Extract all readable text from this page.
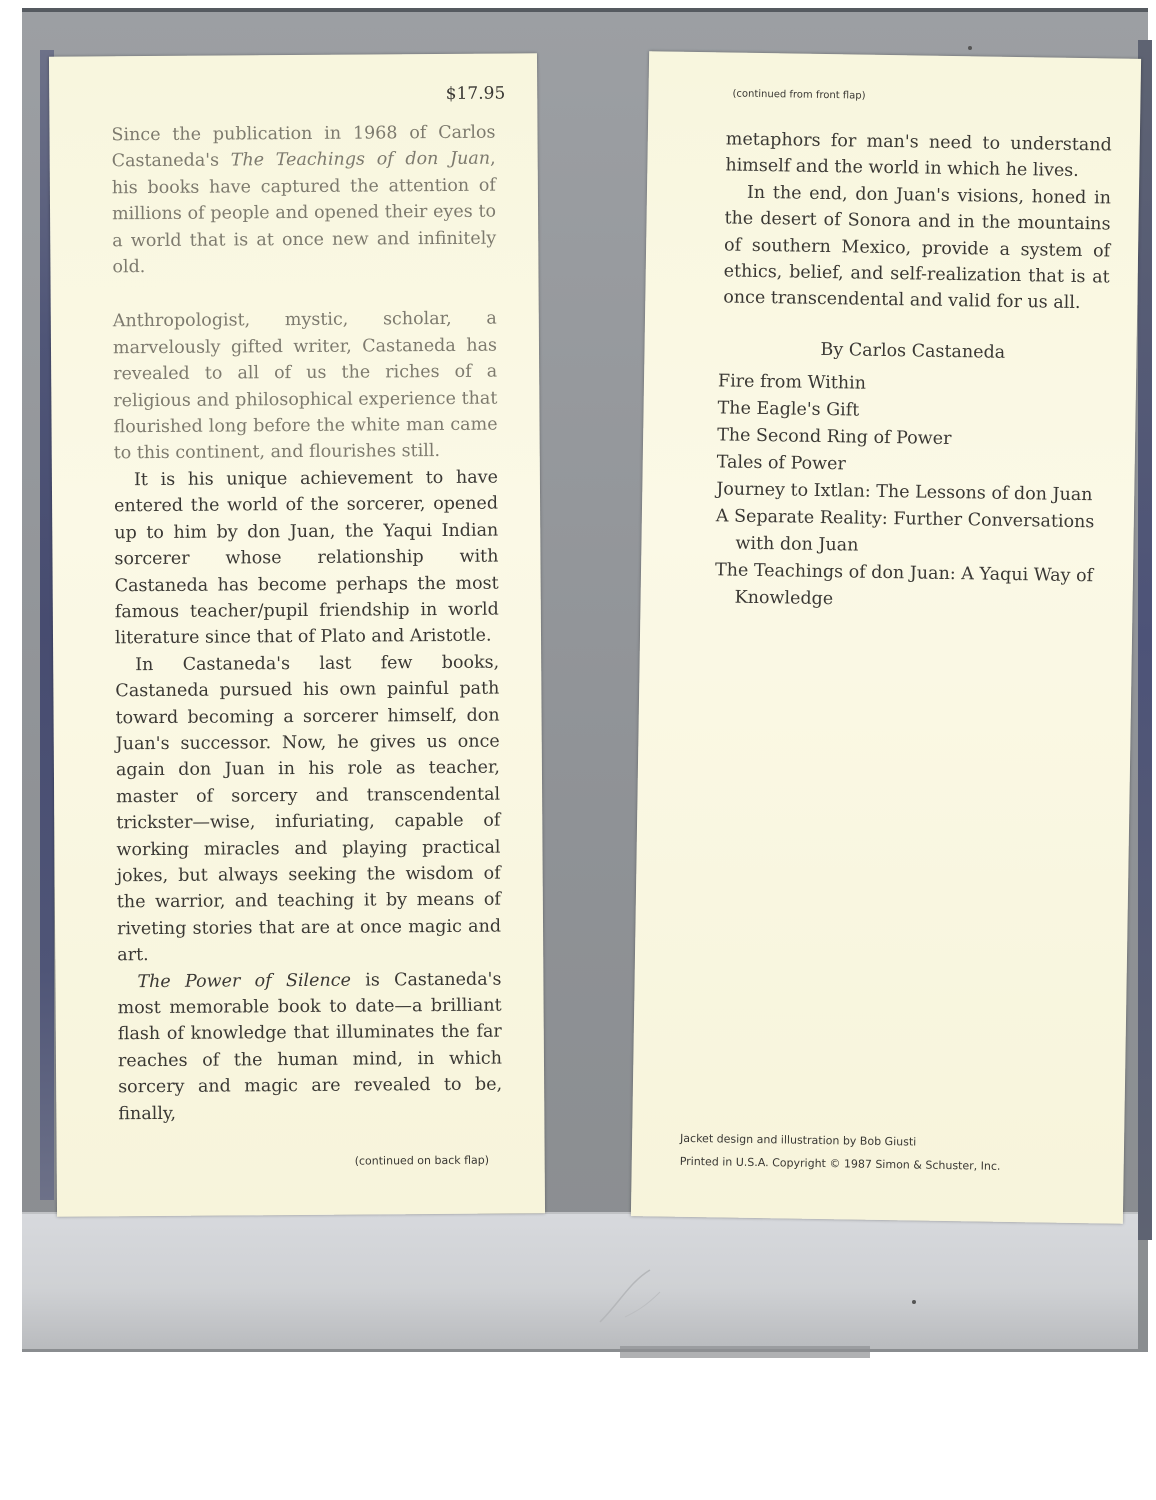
$17.95

Since the publication in 1968 of Carlos Castaneda's The Teachings of don Juan, his books have captured the attention of millions of people and opened their eyes to a world that is at once new and infinitely old.

Anthropologist, mystic, scholar, a marvelously gifted writer, Castaneda has revealed to all of us the riches of a religious and philosophical experience that flourished long before the white man came to this continent, and flourishes still.

It is his unique achievement to have entered the world of the sorcerer, opened up to him by don Juan, the Yaqui Indian sorcerer whose relationship with Castaneda has become perhaps the most famous teacher/pupil friendship in world literature since that of Plato and Aristotle.

In Castaneda's last few books, Castaneda pursued his own painful path toward becoming a sorcerer himself, don Juan's successor. Now, he gives us once again don Juan in his role as teacher, master of sorcery and transcendental trickster—wise, infuriating, capable of working miracles and playing practical jokes, but always seeking the wisdom of the warrior, and teaching it by means of riveting stories that are at once magic and art.

The Power of Silence is Castaneda's most memorable book to date—a brilliant flash of knowledge that illuminates the far reaches of the human mind, in which sorcery and magic are revealed to be, finally,

(continued on back flap)
(continued from front flap)

metaphors for man's need to understand himself and the world in which he lives.

In the end, don Juan's visions, honed in the desert of Sonora and in the mountains of southern Mexico, provide a system of ethics, belief, and self-realization that is at once transcendental and valid for us all.

By Carlos Castaneda
Fire from Within
The Eagle's Gift
The Second Ring of Power
Tales of Power
Journey to Ixtlan: The Lessons of don Juan
A Separate Reality: Further Conversations with don Juan
The Teachings of don Juan: A Yaqui Way of Knowledge
Jacket design and illustration by Bob Giusti
Printed in U.S.A. Copyright © 1987 Simon & Schuster, Inc.
